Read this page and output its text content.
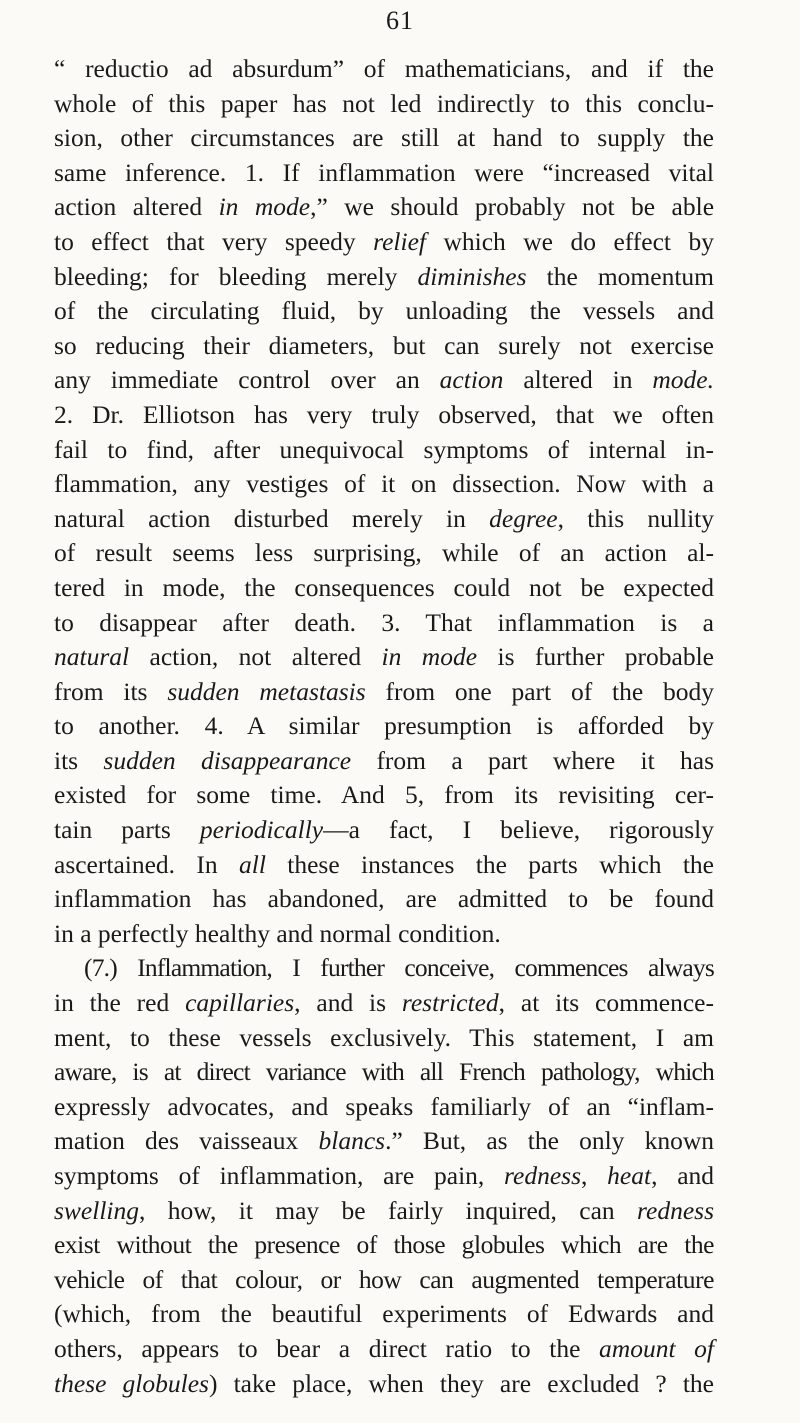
61
“ reductio ad absurdum” of mathematicians, and if the
whole of this paper has not led indirectly to this conclu-
sion, other circumstances are still at hand to supply the
same inference. 1. If inflammation were “increased vital
action altered in mode,” we should probably not be able
to effect that very speedy relief which we do effect by
bleeding; for bleeding merely diminishes the momentum
of the circulating fluid, by unloading the vessels and
so reducing their diameters, but can surely not exercise
any immediate control over an action altered in mode.
2. Dr. Elliotson has very truly observed, that we often
fail to find, after unequivocal symptoms of internal in-
flammation, any vestiges of it on dissection. Now with a
natural action disturbed merely in degree, this nullity
of result seems less surprising, while of an action al-
tered in mode, the consequences could not be expected
to disappear after death. 3. That inflammation is a
natural action, not altered in mode is further probable
from its sudden metastasis from one part of the body
to another. 4. A similar presumption is afforded by
its sudden disappearance from a part where it has
existed for some time. And 5, from its revisiting cer-
tain parts periodically—a fact, I believe, rigorously
ascertained. In all these instances the parts which the
inflammation has abandoned, are admitted to be found
in a perfectly healthy and normal condition.
(7.) Inflammation, I further conceive, commences always
in the red capillaries, and is restricted, at its commence-
ment, to these vessels exclusively. This statement, I am
aware, is at direct variance with all French pathology, which
expressly advocates, and speaks familiarly of an “inflam-
mation des vaisseaux blancs.” But, as the only known
symptoms of inflammation, are pain, redness, heat, and
swelling, how, it may be fairly inquired, can redness
exist without the presence of those globules which are the
vehicle of that colour, or how can augmented temperature
(which, from the beautiful experiments of Edwards and
others, appears to bear a direct ratio to the amount of
these globules) take place, when they are excluded ? the
